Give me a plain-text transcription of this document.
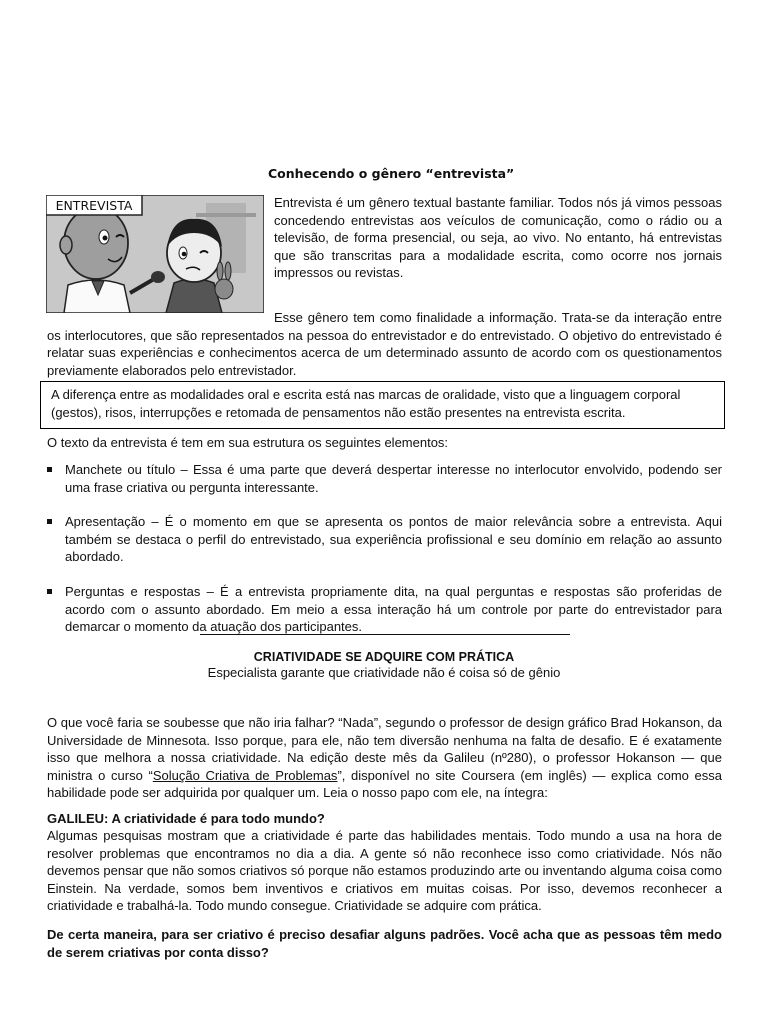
Conhecendo o gênero “entrevista”
ENTREVISTA	Entrevista é um gênero textual bastante familiar. Todos nós já vimos pessoas concedendo entrevistas aos veículos de comunicação, como o rádio ou a televisão, de forma presencial, ou seja, ao vivo. No entanto, há entrevistas que são transcritas para a modalidade escrita, como ocorre nos jornais impressos ou revistas.
Esse gênero tem como finalidade a informação. Trata-se da interação entre os interlocutores, que são representados na pessoa do entrevistador e do entrevistado. O objetivo do entrevistado é relatar suas experiências e conhecimentos acerca de um determinado assunto de acordo com os questionamentos previamente elaborados pelo entrevistador.
A diferença entre as modalidades oral e escrita está nas marcas de oralidade, visto que a linguagem corporal (gestos), risos, interrupções e retomada de pensamentos não estão presentes na entrevista escrita.
O texto da entrevista é tem em sua estrutura os seguintes elementos:
Manchete ou título – Essa é uma parte que deverá despertar interesse no interlocutor envolvido, podendo ser uma frase criativa ou pergunta interessante.
Apresentação – É o momento em que se apresenta os pontos de maior relevância sobre a entrevista. Aqui também se destaca o perfil do entrevistado, sua experiência profissional e seu domínio em relação ao assunto abordado.
Perguntas e respostas – É a entrevista propriamente dita, na qual perguntas e respostas são proferidas de acordo com o assunto abordado. Em meio a essa interação há um controle por parte do entrevistador para demarcar o momento da atuação dos participantes.
CRIATIVIDADE SE ADQUIRE COM PRÁTICA
Especialista garante que criatividade não é coisa só de gênio
O que você faria se soubesse que não iria falhar? “Nada”, segundo o professor de design gráfico Brad Hokanson, da Universidade de Minnesota. Isso porque, para ele, não tem diversão nenhuma na falta de desafio. E é exatamente isso que melhora a nossa criatividade. Na edição deste mês da Galileu (nº280), o professor Hokanson — que ministra o curso “Solução Criativa de Problemas”, disponível no site Coursera (em inglês) — explica como essa habilidade pode ser adquirida por qualquer um. Leia o nosso papo com ele, na íntegra:
GALILEU: A criatividade é para todo mundo?
Algumas pesquisas mostram que a criatividade é parte das habilidades mentais. Todo mundo a usa na hora de resolver problemas que encontramos no dia a dia. A gente só não reconhece isso como criatividade. Nós não devemos pensar que não somos criativos só porque não estamos produzindo arte ou inventando alguma coisa como Einstein. Na verdade, somos bem inventivos e criativos em muitas coisas. Por isso, devemos reconhecer a criatividade e trabalhá-la. Todo mundo consegue. Criatividade se adquire com prática.
De certa maneira, para ser criativo é preciso desafiar alguns padrões. Você acha que as pessoas têm medo de serem criativas por conta disso?
